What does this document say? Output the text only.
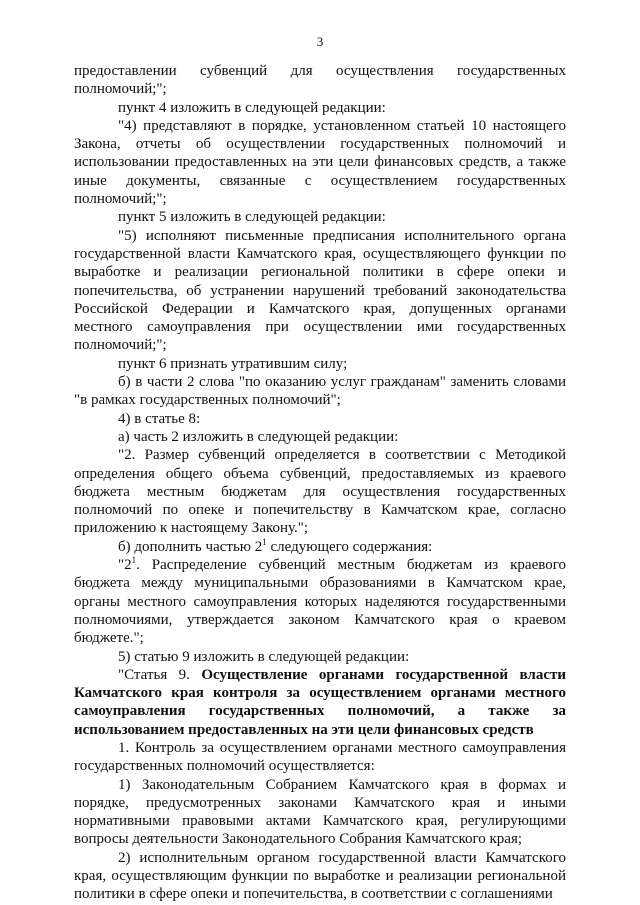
3

предоставлении субвенций для осуществления государственных полномочий;";

пункт 4 изложить в следующей редакции:

"4) представляют в порядке, установленном статьей 10 настоящего Закона, отчеты об осуществлении государственных полномочий и использовании предоставленных на эти цели финансовых средств, а также иные документы, связанные с осуществлением государственных полномочий;";

пункт 5 изложить в следующей редакции:

"5) исполняют письменные предписания исполнительного органа государственной власти Камчатского края, осуществляющего функции по выработке и реализации региональной политики в сфере опеки и попечительства, об устранении нарушений требований законодательства Российской Федерации и Камчатского края, допущенных органами местного самоуправления при осуществлении ими государственных полномочий;";

пункт 6 признать утратившим силу;

б) в части 2 слова "по оказанию услуг гражданам" заменить словами "в рамках государственных полномочий";

4) в статье 8:

а) часть 2 изложить в следующей редакции:

"2. Размер субвенций определяется в соответствии с Методикой определения общего объема субвенций, предоставляемых из краевого бюджета местным бюджетам для осуществления государственных полномочий по опеке и попечительству в Камчатском крае, согласно приложению к настоящему Закону.";

б) дополнить частью $2^1$ следующего содержания:

"$2^1$. Распределение субвенций местным бюджетам из краевого бюджета между муниципальными образованиями в Камчатском крае, органы местного самоуправления которых наделяются государственными полномочиями, утверждается законом Камчатского края о краевом бюджете.";

5) статью 9 изложить в следующей редакции:

"Статья 9. Осуществление органами государственной власти Камчатского края контроля за осуществлением органами местного самоуправления государственных полномочий, а также за использованием предоставленных на эти цели финансовых средств

1. Контроль за осуществлением органами местного самоуправления государственных полномочий осуществляется:

1) Законодательным Собранием Камчатского края в формах и порядке, предусмотренных законами Камчатского края и иными нормативными правовыми актами Камчатского края, регулирующими вопросы деятельности Законодательного Собрания Камчатского края;

2) исполнительным органом государственной власти Камчатского края, осуществляющим функции по выработке и реализации региональной политики в сфере опеки и попечительства, в соответствии с соглашениями
